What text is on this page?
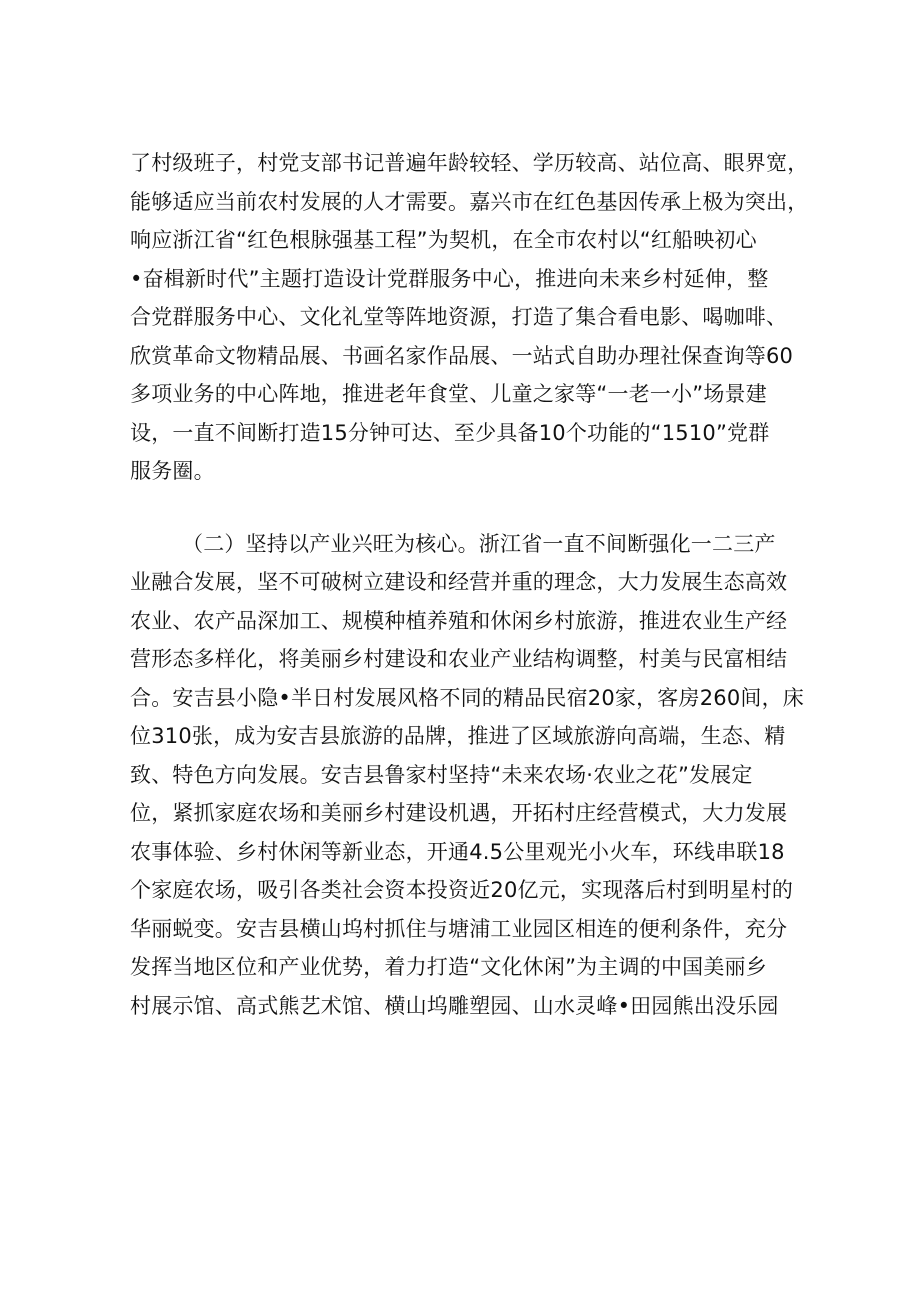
了村级班子，村党支部书记普遍年龄较轻、学历较高、站位高、眼界宽，
能够适应当前农村发展的人才需要。嘉兴市在红色基因传承上极为突出，
响应浙江省“红色根脉强基工程”为契机，在全市农村以“红船映初心
•奋楫新时代”主题打造设计党群服务中心，推进向未来乡村延伸，整
合党群服务中心、文化礼堂等阵地资源，打造了集合看电影、喝咖啡、
欣赏革命文物精品展、书画名家作品展、一站式自助办理社保查询等60
多项业务的中心阵地，推进老年食堂、儿童之家等“一老一小”场景建
设，一直不间断打造15分钟可达、至少具备10个功能的“1510”党群
服务圈。
（二）坚持以产业兴旺为核心。浙江省一直不间断强化一二三产
业融合发展，坚不可破树立建设和经营并重的理念，大力发展生态高效
农业、农产品深加工、规模种植养殖和休闲乡村旅游，推进农业生产经
营形态多样化，将美丽乡村建设和农业产业结构调整，村美与民富相结
合。安吉县小隐•半日村发展风格不同的精品民宿20家，客房260间，床
位310张，成为安吉县旅游的品牌，推进了区域旅游向高端，生态、精
致、特色方向发展。安吉县鲁家村坚持“未来农场·农业之花”发展定
位，紧抓家庭农场和美丽乡村建设机遇，开拓村庄经营模式，大力发展
农事体验、乡村休闲等新业态，开通4.5公里观光小火车，环线串联18
个家庭农场，吸引各类社会资本投资近20亿元，实现落后村到明星村的
华丽蜕变。安吉县横山坞村抓住与塘浦工业园区相连的便利条件，充分
发挥当地区位和产业优势，着力打造“文化休闲”为主调的中国美丽乡
村展示馆、高式熊艺术馆、横山坞雕塑园、山水灵峰•田园熊出没乐园
